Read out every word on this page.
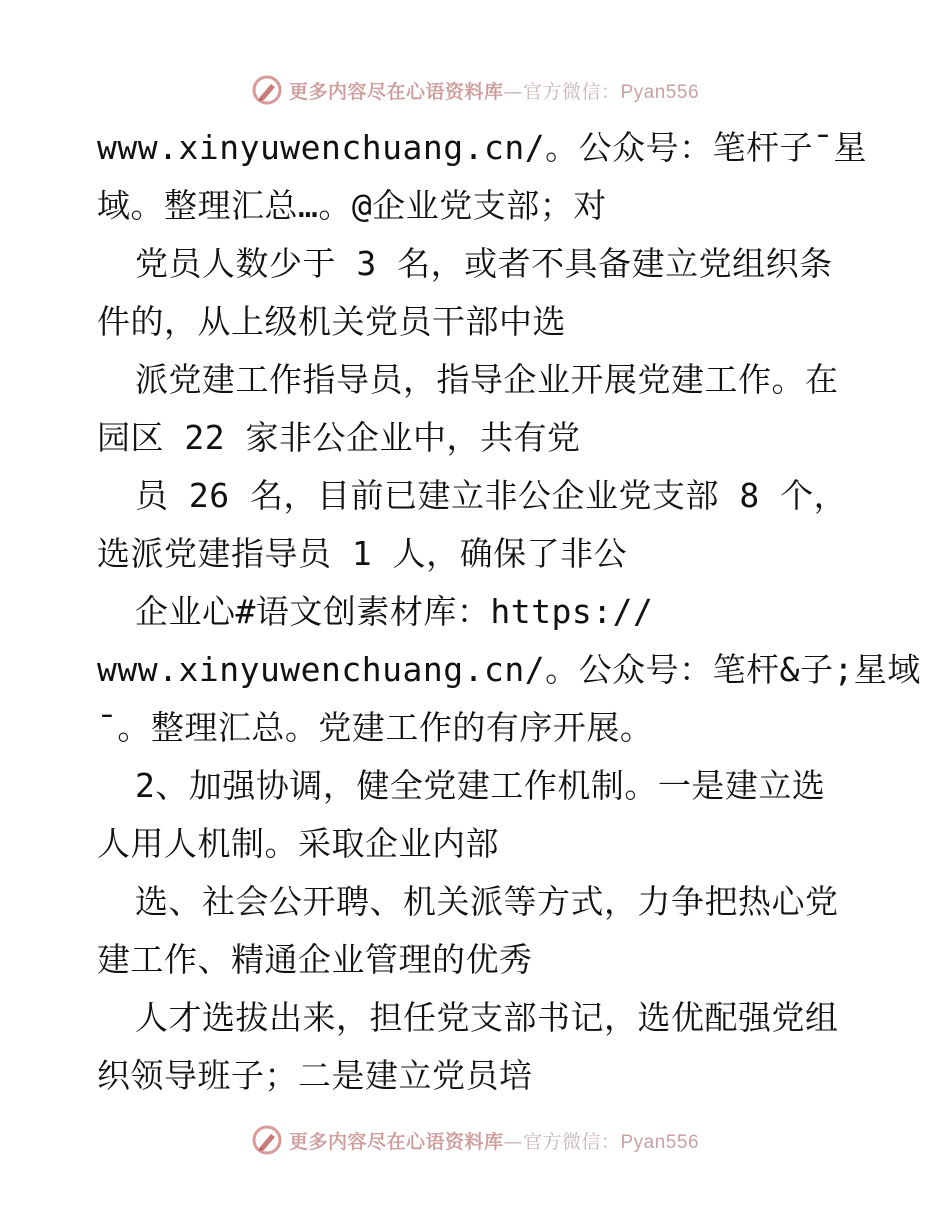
更多内容尽在心语资料库—官方微信：Pyan556
www.xinyuwenchuang.cn/。公众号：笔杆子¯星
域。整理汇总…。@企业党支部；对
党员人数少于 3 名，或者不具备建立党组织条
件的，从上级机关党员干部中选
派党建工作指导员，指导企业开展党建工作。在
园区 22 家非公企业中，共有党
员 26 名，目前已建立非公企业党支部 8 个，
选派党建指导员 1 人，确保了非公
企业心#语文创素材库：https://
www.xinyuwenchuang.cn/。公众号：笔杆&子;星域
¯。整理汇总。党建工作的有序开展。
2、加强协调，健全党建工作机制。一是建立选
人用人机制。采取企业内部
选、社会公开聘、机关派等方式，力争把热心党
建工作、精通企业管理的优秀
人才选拔出来，担任党支部书记，选优配强党组
织领导班子；二是建立党员培
更多内容尽在心语资料库—官方微信：Pyan556
